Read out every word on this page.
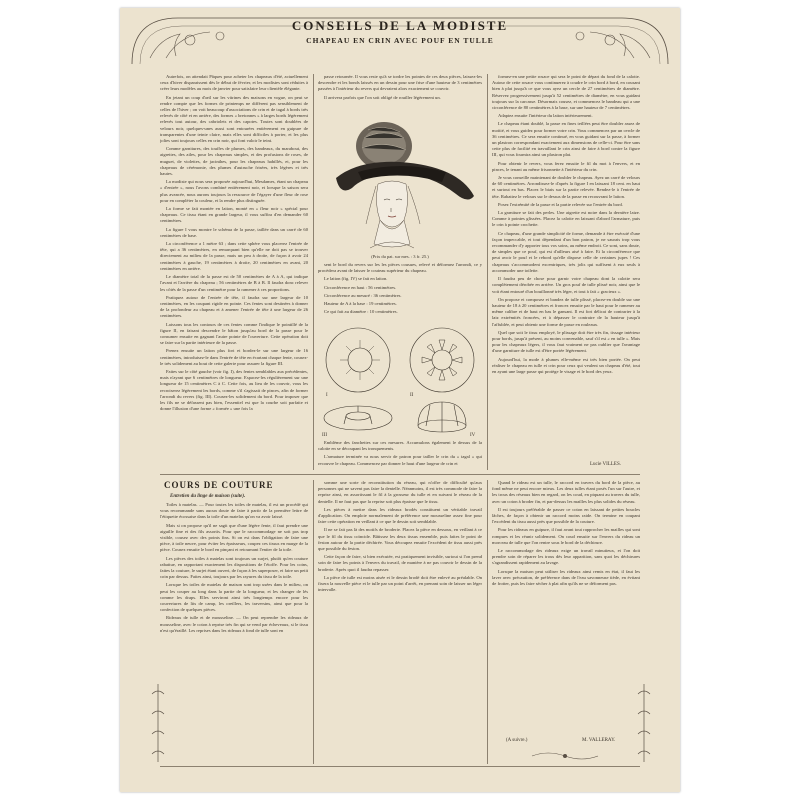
CONSEILS DE LA MODISTE
CHAPEAU EN CRIN AVEC POUF EN TULLE

Autrefois, on attendait Pâques pour acheter les chapeaux d'été, actuellement ceux d'hiver disparaissent dès le début de février, et les modistes sont réduites à créer leurs modèles au mois de janvier pour satisfaire leur clientèle élégante.

En jetant un coup d'œil sur les vitrines des maisons en vogue, on peut se rendre compte que les formes de printemps ne diffèrent pas sensiblement de celles de l'hiver ; on voit beaucoup d'associations de crin et de tagal à bords très relevés de côté et en arrière, des formes « bretonnes » à larges bords légèrement relevés tout autour, des cabriolets et des capotes. Toutes sont doublées de velours noir, quelques-unes aussi sont entourées entièrement en guipure de transparentes d'une teinte claire, mais elles sont difficiles à porter, et les plus jolies sont toujours celles en crin noir, qui font valoir le teint.

Comme garnitures, des touffes de plumes, des bandeaux, du marabout, des aigrettes, des ailes, pour les chapeaux simples, et des profusions de roses, de muguet, de violettes, de jacinthes, pour les chapeaux habillés, et, pour les chapeaux de cérémonie, des plumes d'autruche frisées, très légères et très hautes.

La modiste qui nous sera proposée aujourd'hui, Mesdames, étant un chapeau « d'entrée », nous l'avons combiné entièrement noir, et lorsque la saison sera plus avancée, nous aurons toujours la ressource de l'égayer d'une fleur de rose pour en compléter la couleur, et la rendre plus distinguée.

La forme se fait montée en laiton, monté en « fleur noir » spécial pour chapeaux. Ce tissu étant en grande largeur, il vous suffira d'en demander 60 centimètres.

La figure I vous montre le schéma de la passe, taillée dans un carré de 60 centimètres de base.

La circonférence a 1 mètre 63 ; dans cette sphère vous placerez l'entrée de tête, qui a 36 centimètres, en remarquant bien qu'elle ne doit pas se trouver directement au milieu de la passe, mais un peu à droite, de façon à avoir 24 centimètres à gauche, 19 centimètres à droite, 20 centimètres en avant, 20 centimètres en arrière.

Le diamètre total de la passe est de 50 centimètres de A à A, qui indique l'avant et l'arrière du chapeau ; 56 centimètres de B à B. Il faudra donc relever les côtés de la passe d'un centimètre pour la ramener à ces proportions.

Pratiquez autour de l'entrée de tête, il faudra sur une largeur de 10 centimètres, en les coupant rigide en pointe. Ces fentes sont destinées à donner de la profondeur au chapeau et à amener l'entrée de tête à une largeur de 26 centimètres.

Laissons tous les contours de ces fentes comme l'indique le pointillé de la figure II, en faisant descendre le bâton jusqu'au bord de la passe pour le consumer ensuite en gagnant l'autre pointe de l'ouverture. Cette opération doit se faire sur la partie intérieure de la passe.

Prenez ensuite un laiton plus fort et bordez-le sur une largeur de 16 centimètres, introduisez-le dans l'entrée de tête en écartant chaque fente, cousez-le très solidement au bout de cette galerie pour assurer la figure III.

Faites sur le côté gauche (voir fig. I), des fentes semblables aux précédentes, mais n'ayant que 6 centimètres de longueur. Espacez-les régulièrement sur une longueur de 15 centimètres C à C. Cette fois, au lieu de les couvrir, vous les recroiserez légèrement les bords, comme s'il s'agissait de pinces, afin de former l'arrondi du revers (fig. III). Cousez-les solidement du bord. Pour imposer que les fils ne se défassent pas bien, l'essentiel est que la courbe soit parfaite et donne l'illusion d'une forme « formée » une fois la

passe retournée. Il vous reste qu'à se tordre les pointes de ces deux pièces, laissez-les descendre et les bonds laissés en un dessin pour une frise d'une hauteur de 3 centimètres passées à l'intérieur du revers qui devraient alors exactement se couvrir.

Il arrivera parfois que l'on soit obligé de rouiller légèrement un.

(Prix du pat. sur mes. : 3 fr. 25.)

sent le bord du revers sur les les pièces cousues, relevé et déformez l'arrondi, ce y procèdera avant de laisser le couteau supérieur du chapeau.

Le laiton (fig. IV) se fait en laiton.

Circonférence en haut : 56 centimètres.

Circonférence au mesuré : 36 centimètres.

Hauteur de A à la base : 19 centimètres.

Ce qui fait au diamètre : 10 centimètres.

I	II
III	IV

Emblème des fanchettes sur ces mesures. Accumulons également le dessus de la calotte en se découpant les tronquements.

L'armature terminée va nous servir de patron pour tailler le crin du « tagal » qui recouvre le chapeau. Commencez par donner le haut d'une largeur de crin et

formez-en une petite rosace qui sera le point de départ du fond de la calotte. Autour de cette rosace vous continuerez à coudre le crin bord à bord, en cousant bien à plat jusqu'à ce que vous ayez un cercle de 27 centimètres de diamètre. Réservez progressivement jusqu'à 52 centimètres de diamètre, en vous guidant toujours sur la carcasse. Désormais cousez, et commencez le bandeau qui a une circonférence de 80 centimètres à la base, sur une hauteur de 7 centimètres.

Adaptez ensuite l'intérieur du laiton intérieurement.

Le chapeau étant doublé, la passe en fines teillées peut être doubler assez de moitié, et vous guidez pour former votre crin. Vous commencez par un cercle de 36 centimètres. Ce sera ensuite continué, en vous guidant sur la passe, à former un plastron correspondant exactement aux dimensions de celle-ci. Pour être sans cette plus de facilité en travaillant le crin ainsi de faire à bord contre la figure III, qui vous fournira ainsi un plastron plat.

Pour obtenir le revers, vous ferez ensuite le fil du mot à l'envers, et en pinces, le tenant au même frisonnette à l'intérieur du crin.

Je vous conseille maintenant de doubler le chapeau. Ayez un carré de velours de 60 centimètres. Arrondissez-le d'après la figure I en laissant 18 cent. en haut et surtout en bas. Placez le biais sur la partie relevée. Rendez-le à l'entrée de tête. Rabattez le velours sur le dessus de la passe en recouvrant le laiton.

Posez l'extrémité de la passe et la partie relevée sur l'entrée du bord.

La garniture se fait des perles. Une aigrette est noire dans la dernière laize. Comme à pointes glissées. Placez la calotte en laissant d'abord l'armature, puis le crin à pointe crochette.

Ce chapeau, d'une grande simplicité de forme, demande à être exécuté d'une façon impeccable, et tout dépendant d'un bon patron, je ne saurais trop vous recommander d'y apporter tous vos soins, au même endroit. Ce sont, sans doute, de simples que ce pouf, qui est d'ailleurs aisé à faire. Et la circonférence que peut avoir le pouf et le rebord qu'elle dispose celle de certaines jupes ! Ces chapeaux s'accommodent excentriques, très jolis qui suffisent à eux seuls à accommoder une toilette.

Il faudra peu de chose pour garnir votre chapeau dont la calotte sera complètement dérobée en arrière. Un gros pouf de tulle plissé noir, ainsi que le voit étant entouré d'un bouillonné très léger, et tout à fait « gracieux ».

On propose et composez et bandez de tulle plissé, placez-en double sur une hauteur de 18 à 20 centimètres et froncez ensuite par le haut pour le ramener au même calibre et de haut en bas le gansant. Il est fort délicat de contrarier à la laiz extrémités froncées, et à dépasser le contraire de la hauteur jusqu'à l'affublée, et peut obtenir une forme de passe en rouleaux.

Quel que soit le tissu employé, le plissage doit être très fin, tissage intérieur pour bords, jusqu'à présent, au moins convenable, sauf s'il est « en tulle ». Mais pour les chapeaux légers, il vous faut vraiment ne pas oublier que l'avantage d'une garniture de tulle est d'être portée légèrement.

Aujourd'hui, la mode à plumes elle-même est très bien portée. On peut réaliser le chapeau en tulle et crin pour ceux qui veulent un chapeau d'été, tout en ayant une large passe qui protège le visage et le bord des yeux.

Lucie VILLES.
COURS DE COUTURE
Entretien du linge de maison (suite).

Toiles à matelas. — Pour toutes les toiles de matelas, il est un procédé qui vous recommande sans aucun doute de faire à partir de la première lettre de l'étiquette écossaise dans la toile d'un matelas qu'on va avoir laissé.

Mais si on propose qu'il ne sagit que d'une légère fente, il faut prendre une aiguille fine et des fils assortis. Pour que le raccommodage ne soit pas trop visible, cousez avec des points fins. Si on est dans l'obligation de faire une pièce, à toile neuve, pour éviter les épaisseurs, coupez ces tissus en marge de la pièce. Cousez ensuite le bord en pinçant et retournant l'entier de la toile.

Les pièces des toiles à matelas sont toujours un surjet, plutôt qu'en couture rabattue, en rapportant exactement les dispositions de l'étoffe. Pour les coins, faites la couture, le surjet étant ouvert, de façon à les superposer, et faire un petit coin par dessus. Faites ainsi, toujours par les rayures du tissu de la toile.

Lorsque les toiles de matelas de maison sont trop usées dans le milieu, on peut les couper au long dans la partie de la longueur, et les changer de lés comme les draps. Elles serviront ainsi très longtemps encore pour les couvertures de lits de camp, les oreillers, les traversins, ainsi que pour la confection de quelques pièces.

Rideaux de tulle et de mousseline. — On peut reprendre les rideaux de mousseline, avec le coton à reprise très fin qui se vend par écheveaux, si le tissu n'est qu'éraillé. Les reprises dans les rideaux à fond de tulle sont en

somme une sorte de reconstitution du réseau, qui n'offre de difficulté qu'aux personnes qui ne savent pas faire la dentelle. Néanmoins, il est très commode de faire la reprise ainsi, en assortissant le fil à la grosseur du tulle et en suivant le réseau de la dentelle. Il ne faut pas que la reprise soit plus épaisse que le tissu.

Les pièces à mettre dans les rideaux brodés constituent un véritable travail d'application. On emploie normalement de préférence une mousseline assez fine pour faire cette opération en veillant à ce que le dessin soit semblable.

Il ne se fait pas là des motifs de broderie. Placez la pièce en dessous, en veillant à ce que le fil du tissu coïncide. Bâtissez les deux tissus ensemble, puis faites le point de feston autour de la partie déchirée. Vous découpez ensuite l'excédent de tissu aussi près que possible du feston.

Cette façon de faire, si bien exécutée, est pratiquement invisible, surtout si l'on prend soin de faire les points à l'envers du travail, de manière à ne pas couvrir le dessin de la broderie. Après quoi il faudra repasser.

La pièce de tulle est moins aisée et le dessin brodé doit être enlevé au préalable. On fixera la nouvelle pièce et le tulle par un point d'arrêt, en prenant soin de laisser un léger intervalle.

Quand le rideau est un tulle, le raccord en travers du bord de la pièce, au fond même ne peut encore mieux. Les deux tulles étant posés l'un sur l'autre, et les trous des réseaux bien en regard, on les coud, en piquant au travers du tulle, avec un coton à broder fin, et par-dessus les mailles les plus solides du réseau.

Il est toujours préférable de passer ce coton en laissant de petites boucles lâches, de façon à obtenir un raccord moins raide. On termine en coupant l'excédent du tissu aussi près que possible de la couture.

Pour les rideaux en guipure, il faut avant tout rapprocher les mailles qui sont rompues et les réunir solidement. On coud ensuite sur l'envers du rideau un morceau de tulle que l'on rentre sous le bord de la déchirure.

Le raccommodage des rideaux exige un travail minutieux, et l'on doit prendre soin de réparer les trous dès leur apparition, sans quoi les déchirures s'agrandissent rapidement au lavage.

Lorsque la maison peut utiliser les rideaux ainsi remis en état, il faut les laver avec précaution, de préférence dans de l'eau savonneuse tiède, en évitant de frotter, puis les faire sécher à plat afin qu'ils ne se déforment pas.

(A suivre.)	M. VALLERAY.
